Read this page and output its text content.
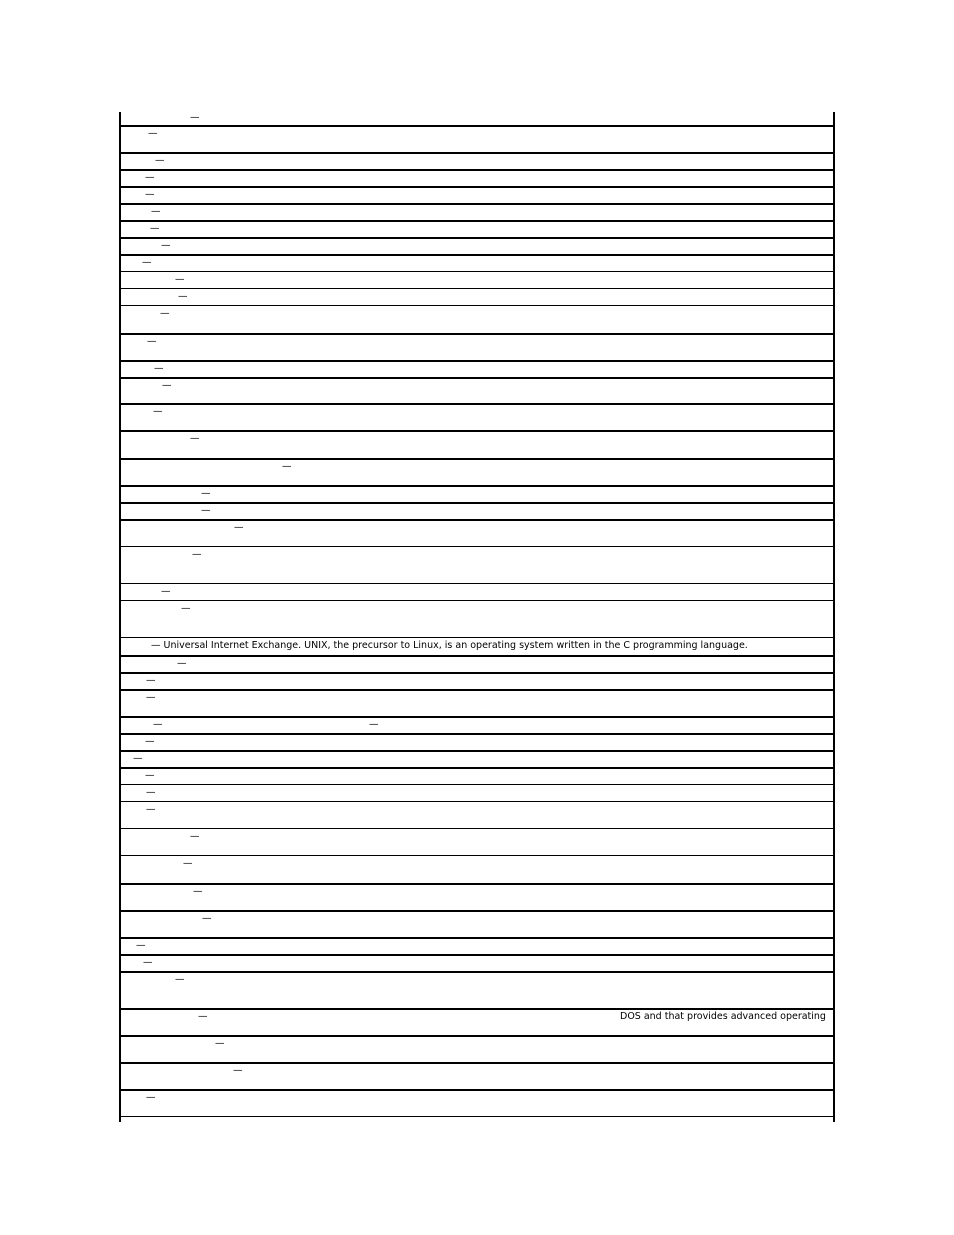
—
—
—
—
—
—
—
—
—
—
—
—
—
—
—
—
—
—
—
—
—
—
—
—
— Universal Internet Exchange. UNIX, the precursor to Linux, is an operating system written in the C programming language.
—
—
—
—	—
—
—
—
—
—
—
—
—
—
—
—
—
—	DOS and that provides advanced operating
—
—
—
